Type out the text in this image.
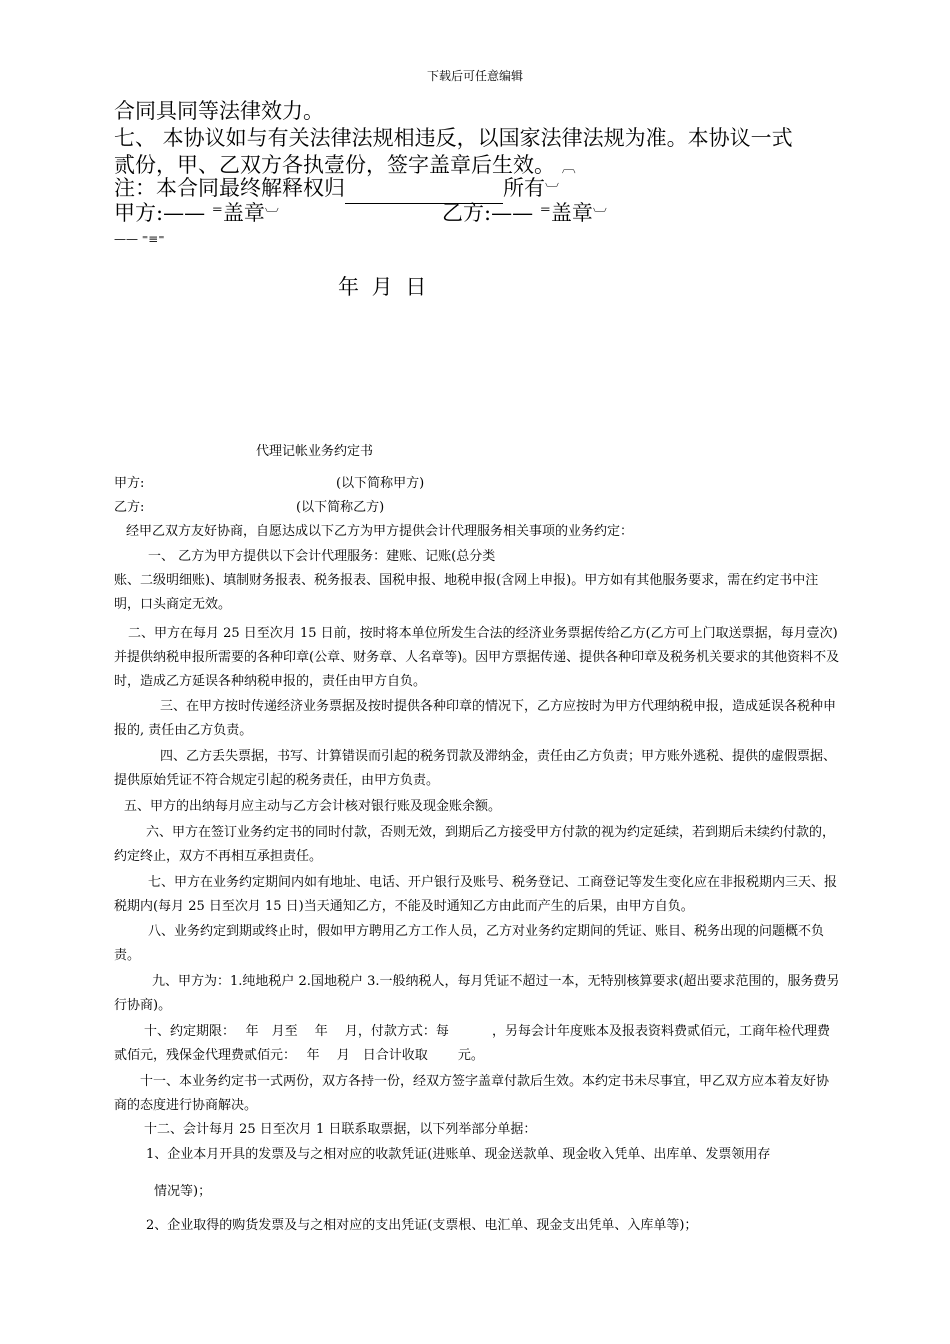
下载后可任意编辑
合同具同等法律效力。
七、 本协议如与有关法律法规相违反，以国家法律法规为准。本协议一式
贰份，甲、乙双方各执壹份，签字盖章后生效。 ︹
注：本合同最终解释权归	所有︺
甲方:—— ⁼盖章︺	乙方:—— ⁼盖章︺
—— ⁼≡⁼
年 月 日
代理记帐业务约定书
甲方:	(以下简称甲方)
乙方:	(以下简称乙方)
经甲乙双方友好协商，自愿达成以下乙方为甲方提供会计代理服务相关事项的业务约定：
一、 乙方为甲方提供以下会计代理服务：建账、记账(总分类
账、二级明细账)、填制财务报表、税务报表、国税申报、地税申报(含网上申报)。甲方如有其他服务要求，需在约定书中注明，口头商定无效。
二、甲方在每月 25 日至次月 15 日前，按时将本单位所发生合法的经济业务票据传给乙方(乙方可上门取送票据，每月壹次)并提供纳税申报所需要的各种印章(公章、财务章、人名章等)。因甲方票据传递、提供各种印章及税务机关要求的其他资料不及时，造成乙方延误各种纳税申报的，责任由甲方自负。
三、在甲方按时传递经济业务票据及按时提供各种印章的情况下，乙方应按时为甲方代理纳税申报，造成延误各税种申报的, 责任由乙方负责。
四、乙方丢失票据，书写、计算错误而引起的税务罚款及滞纳金，责任由乙方负责；甲方账外逃税、提供的虚假票据、提供原始凭证不符合规定引起的税务责任，由甲方负责。
五、甲方的出纳每月应主动与乙方会计核对银行账及现金账余额。
六、甲方在签订业务约定书的同时付款，否则无效，到期后乙方接受甲方付款的视为约定延续，若到期后未续约付款的，约定终止，双方不再相互承担责任。
七、甲方在业务约定期间内如有地址、电话、开户银行及账号、税务登记、工商登记等发生变化应在非报税期内三天、报税期内(每月 25 日至次月 15 日)当天通知乙方，不能及时通知乙方由此而产生的后果，由甲方自负。
八、业务约定到期或终止时，假如甲方聘用乙方工作人员，乙方对业务约定期间的凭证、账目、税务出现的问题概不负责。
九、甲方为：1.纯地税户 2.国地税户 3.一般纳税人，每月凭证不超过一本，无特别核算要求(超出要求范围的，服务费另行协商)。
十、约定期限：　 年　月至　 年　 月，付款方式：每　　　 ，另每会计年度账本及报表资料费贰佰元，工商年检代理费贰佰元，残保金代理费贰佰元：　 年　 月　日合计收取　　 元。
十一、本业务约定书一式两份，双方各持一份，经双方签字盖章付款后生效。本约定书未尽事宜，甲乙双方应本着友好协商的态度进行协商解决。
十二、会计每月 25 日至次月 1 日联系取票据，以下列举部分单据：
1、企业本月开具的发票及与之相对应的收款凭证(进账单、现金送款单、现金收入凭单、出库单、发票领用存
情况等)；
2、企业取得的购货发票及与之相对应的支出凭证(支票根、电汇单、现金支出凭单、入库单等)；
